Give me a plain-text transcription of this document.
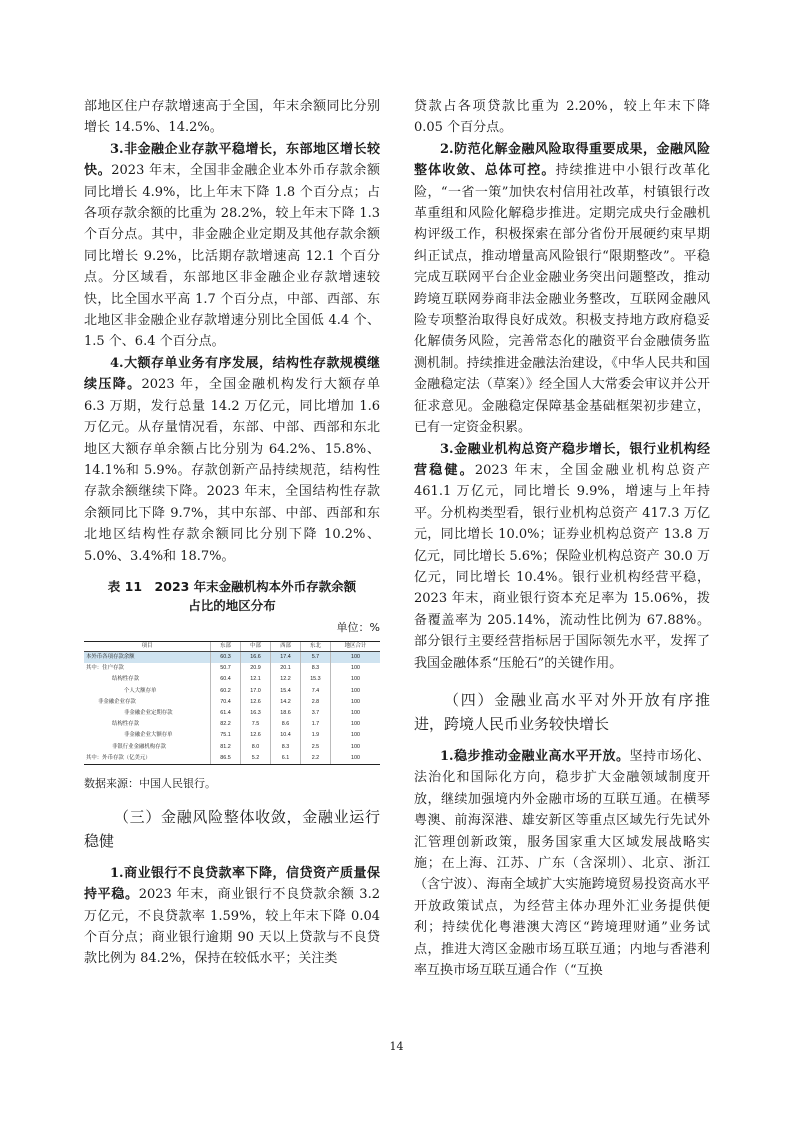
部地区住户存款增速高于全国，年末余额同比分别增长 14.5%、14.2%。

3.非金融企业存款平稳增长，东部地区增长较快。2023 年末，全国非金融企业本外币存款余额同比增长 4.9%，比上年末下降 1.8 个百分点；占各项存款余额的比重为 28.2%，较上年末下降 1.3 个百分点。其中，非金融企业定期及其他存款余额同比增长 9.2%，比活期存款增速高 12.1 个百分点。分区域看，东部地区非金融企业存款增速较快，比全国水平高 1.7 个百分点，中部、西部、东北地区非金融企业存款增速分别比全国低 4.4 个、1.5 个、6.4 个百分点。

4.大额存单业务有序发展，结构性存款规模继续压降。2023 年，全国金融机构发行大额存单 6.3 万期，发行总量 14.2 万亿元，同比增加 1.6 万亿元。从存量情况看，东部、中部、西部和东北地区大额存单余额占比分别为 64.2%、15.8%、14.1%和 5.9%。存款创新产品持续规范，结构性存款余额继续下降。2023 年末，全国结构性存款余额同比下降 9.7%，其中东部、中部、西部和东北地区结构性存款余额同比分别下降 10.2%、5.0%、3.4%和 18.7%。

表 11　2023 年末金融机构本外币存款余额
占比的地区分布
单位：%
项目	东部	中部	西部	东北	地区合计
本外币各项存款余额	60.3	16.6	17.4	5.7	100
其中：住户存款	50.7	20.9	20.1	8.3	100
结构性存款	60.4	12.1	12.2	15.3	100
个人大额存单	60.2	17.0	15.4	7.4	100
非金融企业存款	70.4	12.6	14.2	2.8	100
非金融企业定期存款	61.4	16.3	18.6	3.7	100
结构性存款	82.2	7.5	8.6	1.7	100
非金融企业大额存单	75.1	12.6	10.4	1.9	100
非银行业金融机构存款	81.2	8.0	8.3	2.5	100
其中：外币存款（亿美元）	86.5	5.2	6.1	2.2	100
数据来源：中国人民银行。
（三）金融风险整体收敛，金融业运行稳健

1.商业银行不良贷款率下降，信贷资产质量保持平稳。2023 年末，商业银行不良贷款余额 3.2 万亿元，不良贷款率 1.59%，较上年末下降 0.04 个百分点；商业银行逾期 90 天以上贷款与不良贷款比例为 84.2%，保持在较低水平；关注类

贷款占各项贷款比重为 2.20%，较上年末下降 0.05 个百分点。

2.防范化解金融风险取得重要成果，金融风险整体收敛、总体可控。持续推进中小银行改革化险，“一省一策”加快农村信用社改革，村镇银行改革重组和风险化解稳步推进。定期完成央行金融机构评级工作，积极探索在部分省份开展硬约束早期纠正试点，推动增量高风险银行“限期整改”。平稳完成互联网平台企业金融业务突出问题整改，推动跨境互联网券商非法金融业务整改，互联网金融风险专项整治取得良好成效。积极支持地方政府稳妥化解债务风险，完善常态化的融资平台金融债务监测机制。持续推进金融法治建设，《中华人民共和国金融稳定法（草案）》经全国人大常委会审议并公开征求意见。金融稳定保障基金基础框架初步建立，已有一定资金积累。

3.金融业机构总资产稳步增长，银行业机构经营稳健。2023 年末，全国金融业机构总资产 461.1 万亿元，同比增长 9.9%，增速与上年持平。分机构类型看，银行业机构总资产 417.3 万亿元，同比增长 10.0%；证券业机构总资产 13.8 万亿元，同比增长 5.6%；保险业机构总资产 30.0 万亿元，同比增长 10.4%。银行业机构经营平稳，2023 年末，商业银行资本充足率为 15.06%，拨备覆盖率为 205.14%，流动性比例为 67.88%。部分银行主要经营指标居于国际领先水平，发挥了我国金融体系“压舱石”的关键作用。

（四）金融业高水平对外开放有序推进，跨境人民币业务较快增长

1.稳步推动金融业高水平开放。坚持市场化、法治化和国际化方向，稳步扩大金融领域制度开放，继续加强境内外金融市场的互联互通。在横琴粤澳、前海深港、雄安新区等重点区域先行先试外汇管理创新政策，服务国家重大区域发展战略实施；在上海、江苏、广东（含深圳）、北京、浙江（含宁波）、海南全域扩大实施跨境贸易投资高水平开放政策试点，为经营主体办理外汇业务提供便利；持续优化粤港澳大湾区“跨境理财通”业务试点，推进大湾区金融市场互联互通；内地与香港利率互换市场互联互通合作（“互换

14
